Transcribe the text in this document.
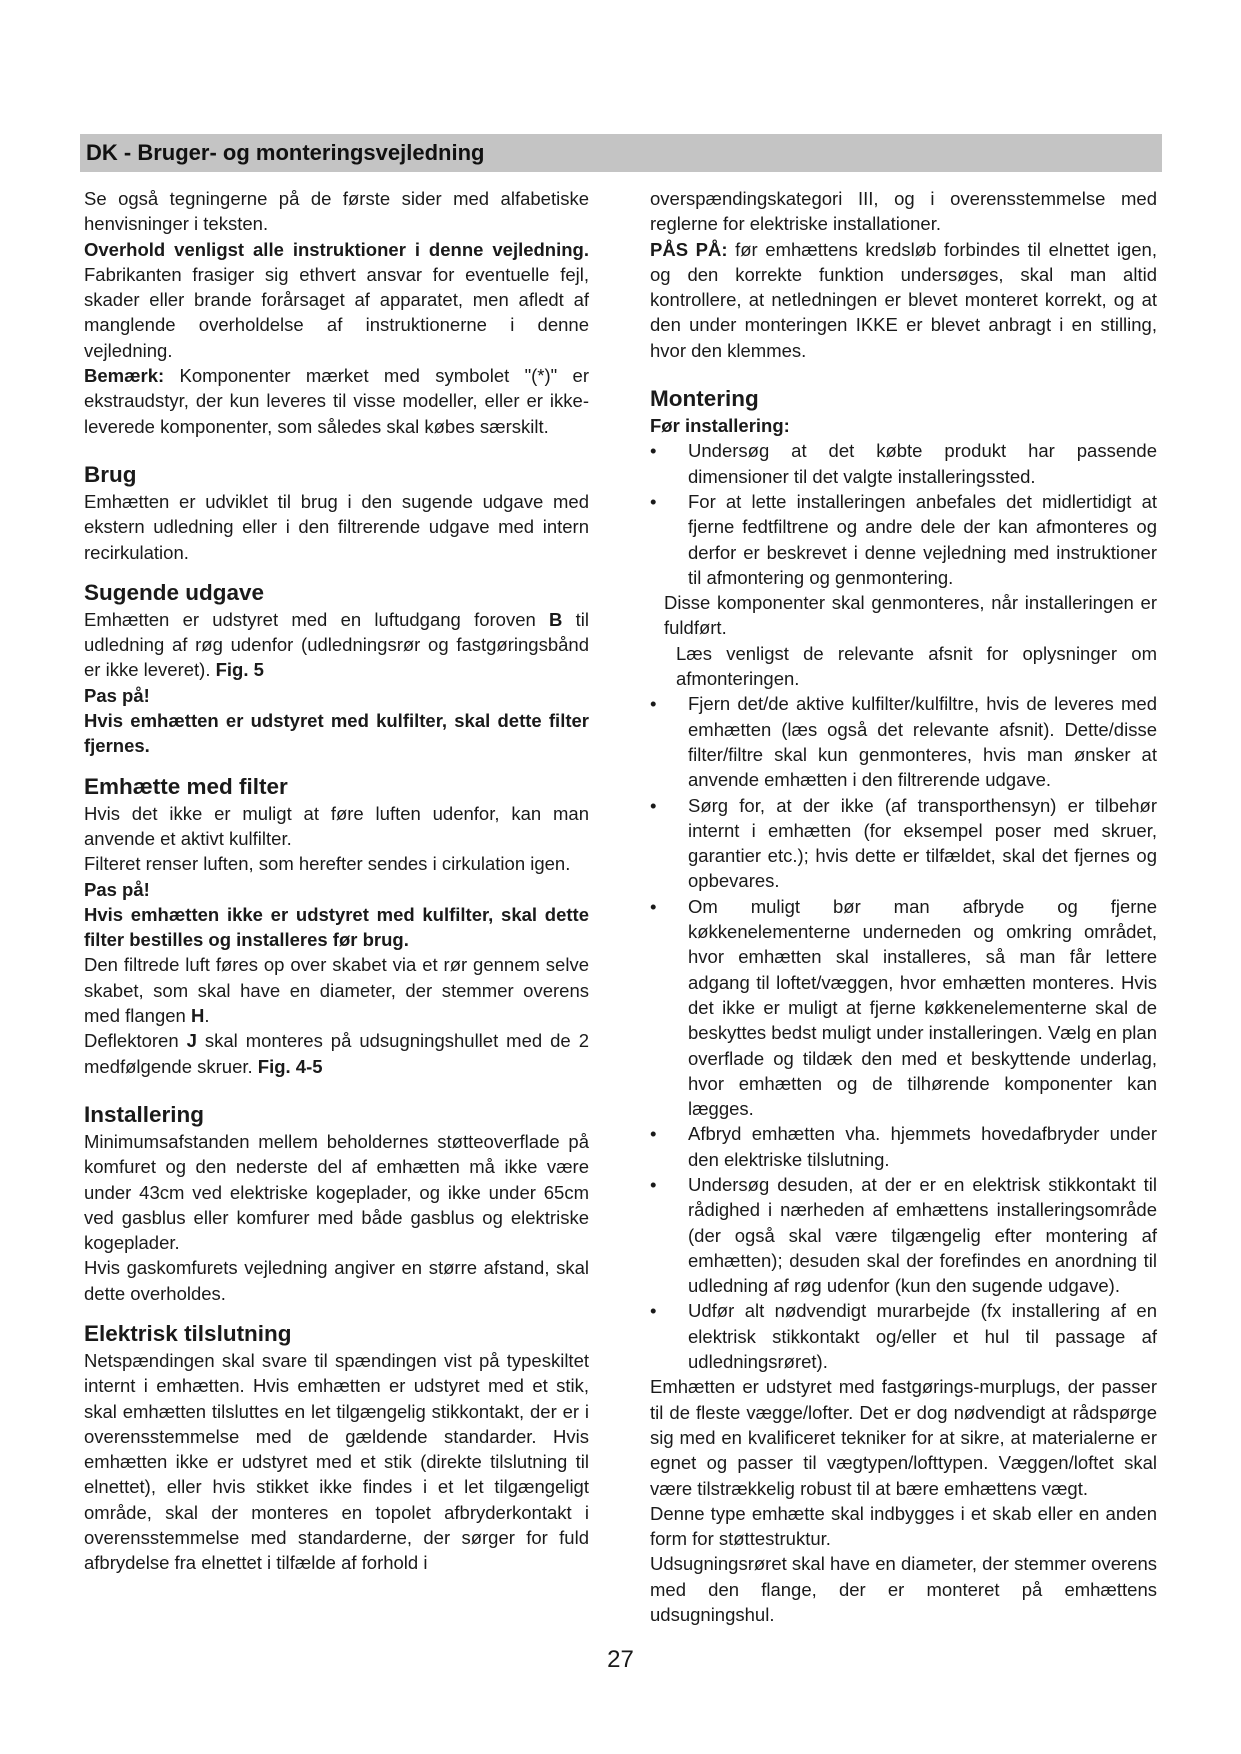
DK - Bruger- og monteringsvejledning

Se også tegningerne på de første sider med alfabetiske henvisninger i teksten.

Overhold venligst alle instruktioner i denne vejledning. Fabrikanten frasiger sig ethvert ansvar for eventuelle fejl, skader eller brande forårsaget af apparatet, men afledt af manglende overholdelse af instruktionerne i denne vejledning.

Bemærk: Komponenter mærket med symbolet "(*)" er ekstraudstyr, der kun leveres til visse modeller, eller er ikke-leverede komponenter, som således skal købes særskilt.

Brug

Emhætten er udviklet til brug i den sugende udgave med ekstern udledning eller i den filtrerende udgave med intern recirkulation.

Sugende udgave

Emhætten er udstyret med en luftudgang foroven B til udledning af røg udenfor (udledningsrør og fastgøringsbånd er ikke leveret). Fig. 5

Pas på!

Hvis emhætten er udstyret med kulfilter, skal dette filter fjernes.

Emhætte med filter

Hvis det ikke er muligt at føre luften udenfor, kan man anvende et aktivt kulfilter.

Filteret renser luften, som herefter sendes i cirkulation igen.

Pas på!

Hvis emhætten ikke er udstyret med kulfilter, skal dette filter bestilles og installeres før brug.

Den filtrede luft føres op over skabet via et rør gennem selve skabet, som skal have en diameter, der stemmer overens med flangen H.

Deflektoren J skal monteres på udsugningshullet med de 2 medfølgende skruer. Fig. 4-5

Installering

Minimumsafstanden mellem beholdernes støtteoverflade på komfuret og den nederste del af emhætten må ikke være under 43cm ved elektriske kogeplader, og ikke under 65cm ved gasblus eller komfurer med både gasblus og elektriske kogeplader.

Hvis gaskomfurets vejledning angiver en større afstand, skal dette overholdes.

Elektrisk tilslutning

Netspændingen skal svare til spændingen vist på typeskiltet internt i emhætten. Hvis emhætten er udstyret med et stik, skal emhætten tilsluttes en let tilgængelig stikkontakt, der er i overensstemmelse med de gældende standarder. Hvis emhætten ikke er udstyret med et stik (direkte tilslutning til elnettet), eller hvis stikket ikke findes i et let tilgængeligt område, skal der monteres en topolet afbryderkontakt i overensstemmelse med standarderne, der sørger for fuld afbrydelse fra elnettet i tilfælde af forhold i

overspændingskategori III, og i overensstemmelse med reglerne for elektriske installationer.

PÅS PÅ: før emhættens kredsløb forbindes til elnettet igen, og den korrekte funktion undersøges, skal man altid kontrollere, at netledningen er blevet monteret korrekt, og at den under monteringen IKKE er blevet anbragt i en stilling, hvor den klemmes.

Montering

Før installering:

• Undersøg at det købte produkt har passende dimensioner til det valgte installeringssted.
• For at lette installeringen anbefales det midlertidigt at fjerne fedtfiltrene og andre dele der kan afmonteres og derfor er beskrevet i denne vejledning med instruktioner til afmontering og genmontering.

Disse komponenter skal genmonteres, når installeringen er fuldført.

Læs venligst de relevante afsnit for oplysninger om afmonteringen.

• Fjern det/de aktive kulfilter/kulfiltre, hvis de leveres med emhætten (læs også det relevante afsnit). Dette/disse filter/filtre skal kun genmonteres, hvis man ønsker at anvende emhætten i den filtrerende udgave.
• Sørg for, at der ikke (af transporthensyn) er tilbehør internt i emhætten (for eksempel poser med skruer, garantier etc.); hvis dette er tilfældet, skal det fjernes og opbevares.
• Om muligt bør man afbryde og fjerne køkkenelementerne underneden og omkring området, hvor emhætten skal installeres, så man får lettere adgang til loftet/væggen, hvor emhætten monteres. Hvis det ikke er muligt at fjerne køkkenelementerne skal de beskyttes bedst muligt under installeringen. Vælg en plan overflade og tildæk den med et beskyttende underlag, hvor emhætten og de tilhørende komponenter kan lægges.
• Afbryd emhætten vha. hjemmets hovedafbryder under den elektriske tilslutning.
• Undersøg desuden, at der er en elektrisk stikkontakt til rådighed i nærheden af emhættens installeringsområde (der også skal være tilgængelig efter montering af emhætten); desuden skal der forefindes en anordning til udledning af røg udenfor (kun den sugende udgave).
• Udfør alt nødvendigt murarbejde (fx installering af en elektrisk stikkontakt og/eller et hul til passage af udledningsrøret).

Emhætten er udstyret med fastgørings-murplugs, der passer til de fleste vægge/lofter. Det er dog nødvendigt at rådspørge sig med en kvalificeret tekniker for at sikre, at materialerne er egnet og passer til vægtypen/lofttypen. Væggen/loftet skal være tilstrækkelig robust til at bære emhættens vægt.

Denne type emhætte skal indbygges i et skab eller en anden form for støttestruktur.

Udsugningsrøret skal have en diameter, der stemmer overens med den flange, der er monteret på emhættens udsugningshul.

27
